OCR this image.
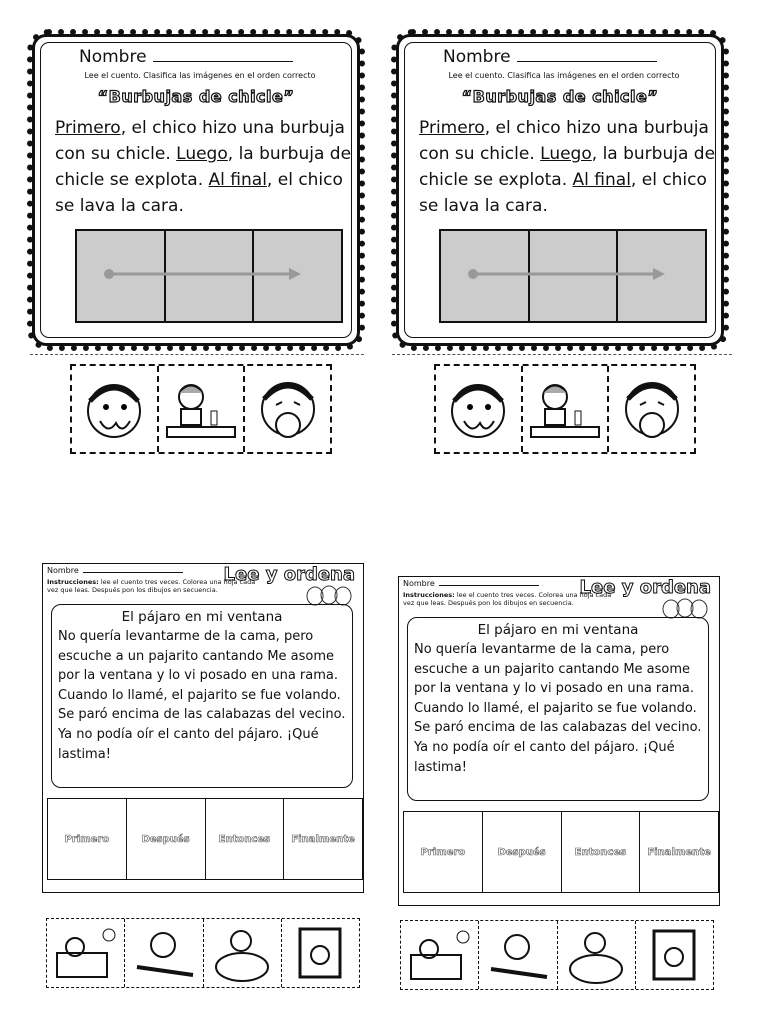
Nombre
Lee el cuento. Clasifica las imágenes en el orden correcto
“Burbujas de chicle”
Primero, el chico hizo una burbuja con su chicle. Luego, la burbuja de chicle se explota. Al final, el chico se lava la cara.
Nombre
Lee el cuento. Clasifica las imágenes en el orden correcto
“Burbujas de chicle”
Primero, el chico hizo una burbuja con su chicle. Luego, la burbuja de chicle se explota. Al final, el chico se lava la cara.
Nombre	Lee y ordena
Instrucciones: lee el cuento tres veces. Colorea una hoja cada vez que leas. Después pon los dibujos en secuencia.
El pájaro en mi ventana
No quería levantarme de la cama, pero escuche a un pajarito cantando Me asome por la ventana y lo vi posado en una rama. Cuando lo llamé, el pajarito se fue volando. Se paró encima de las calabazas del vecino. Ya no podía oír el canto del pájaro. ¡Qué lastima!
Primero	Después	Entonces	Finalmente
Nombre	Lee y ordena
Instrucciones: lee el cuento tres veces. Colorea una hoja cada vez que leas. Después pon los dibujos en secuencia.
El pájaro en mi ventana
No quería levantarme de la cama, pero escuche a un pajarito cantando Me asome por la ventana y lo vi posado en una rama. Cuando lo llamé, el pajarito se fue volando. Se paró encima de las calabazas del vecino. Ya no podía oír el canto del pájaro. ¡Qué lastima!
Primero	Después	Entonces	Finalmente
